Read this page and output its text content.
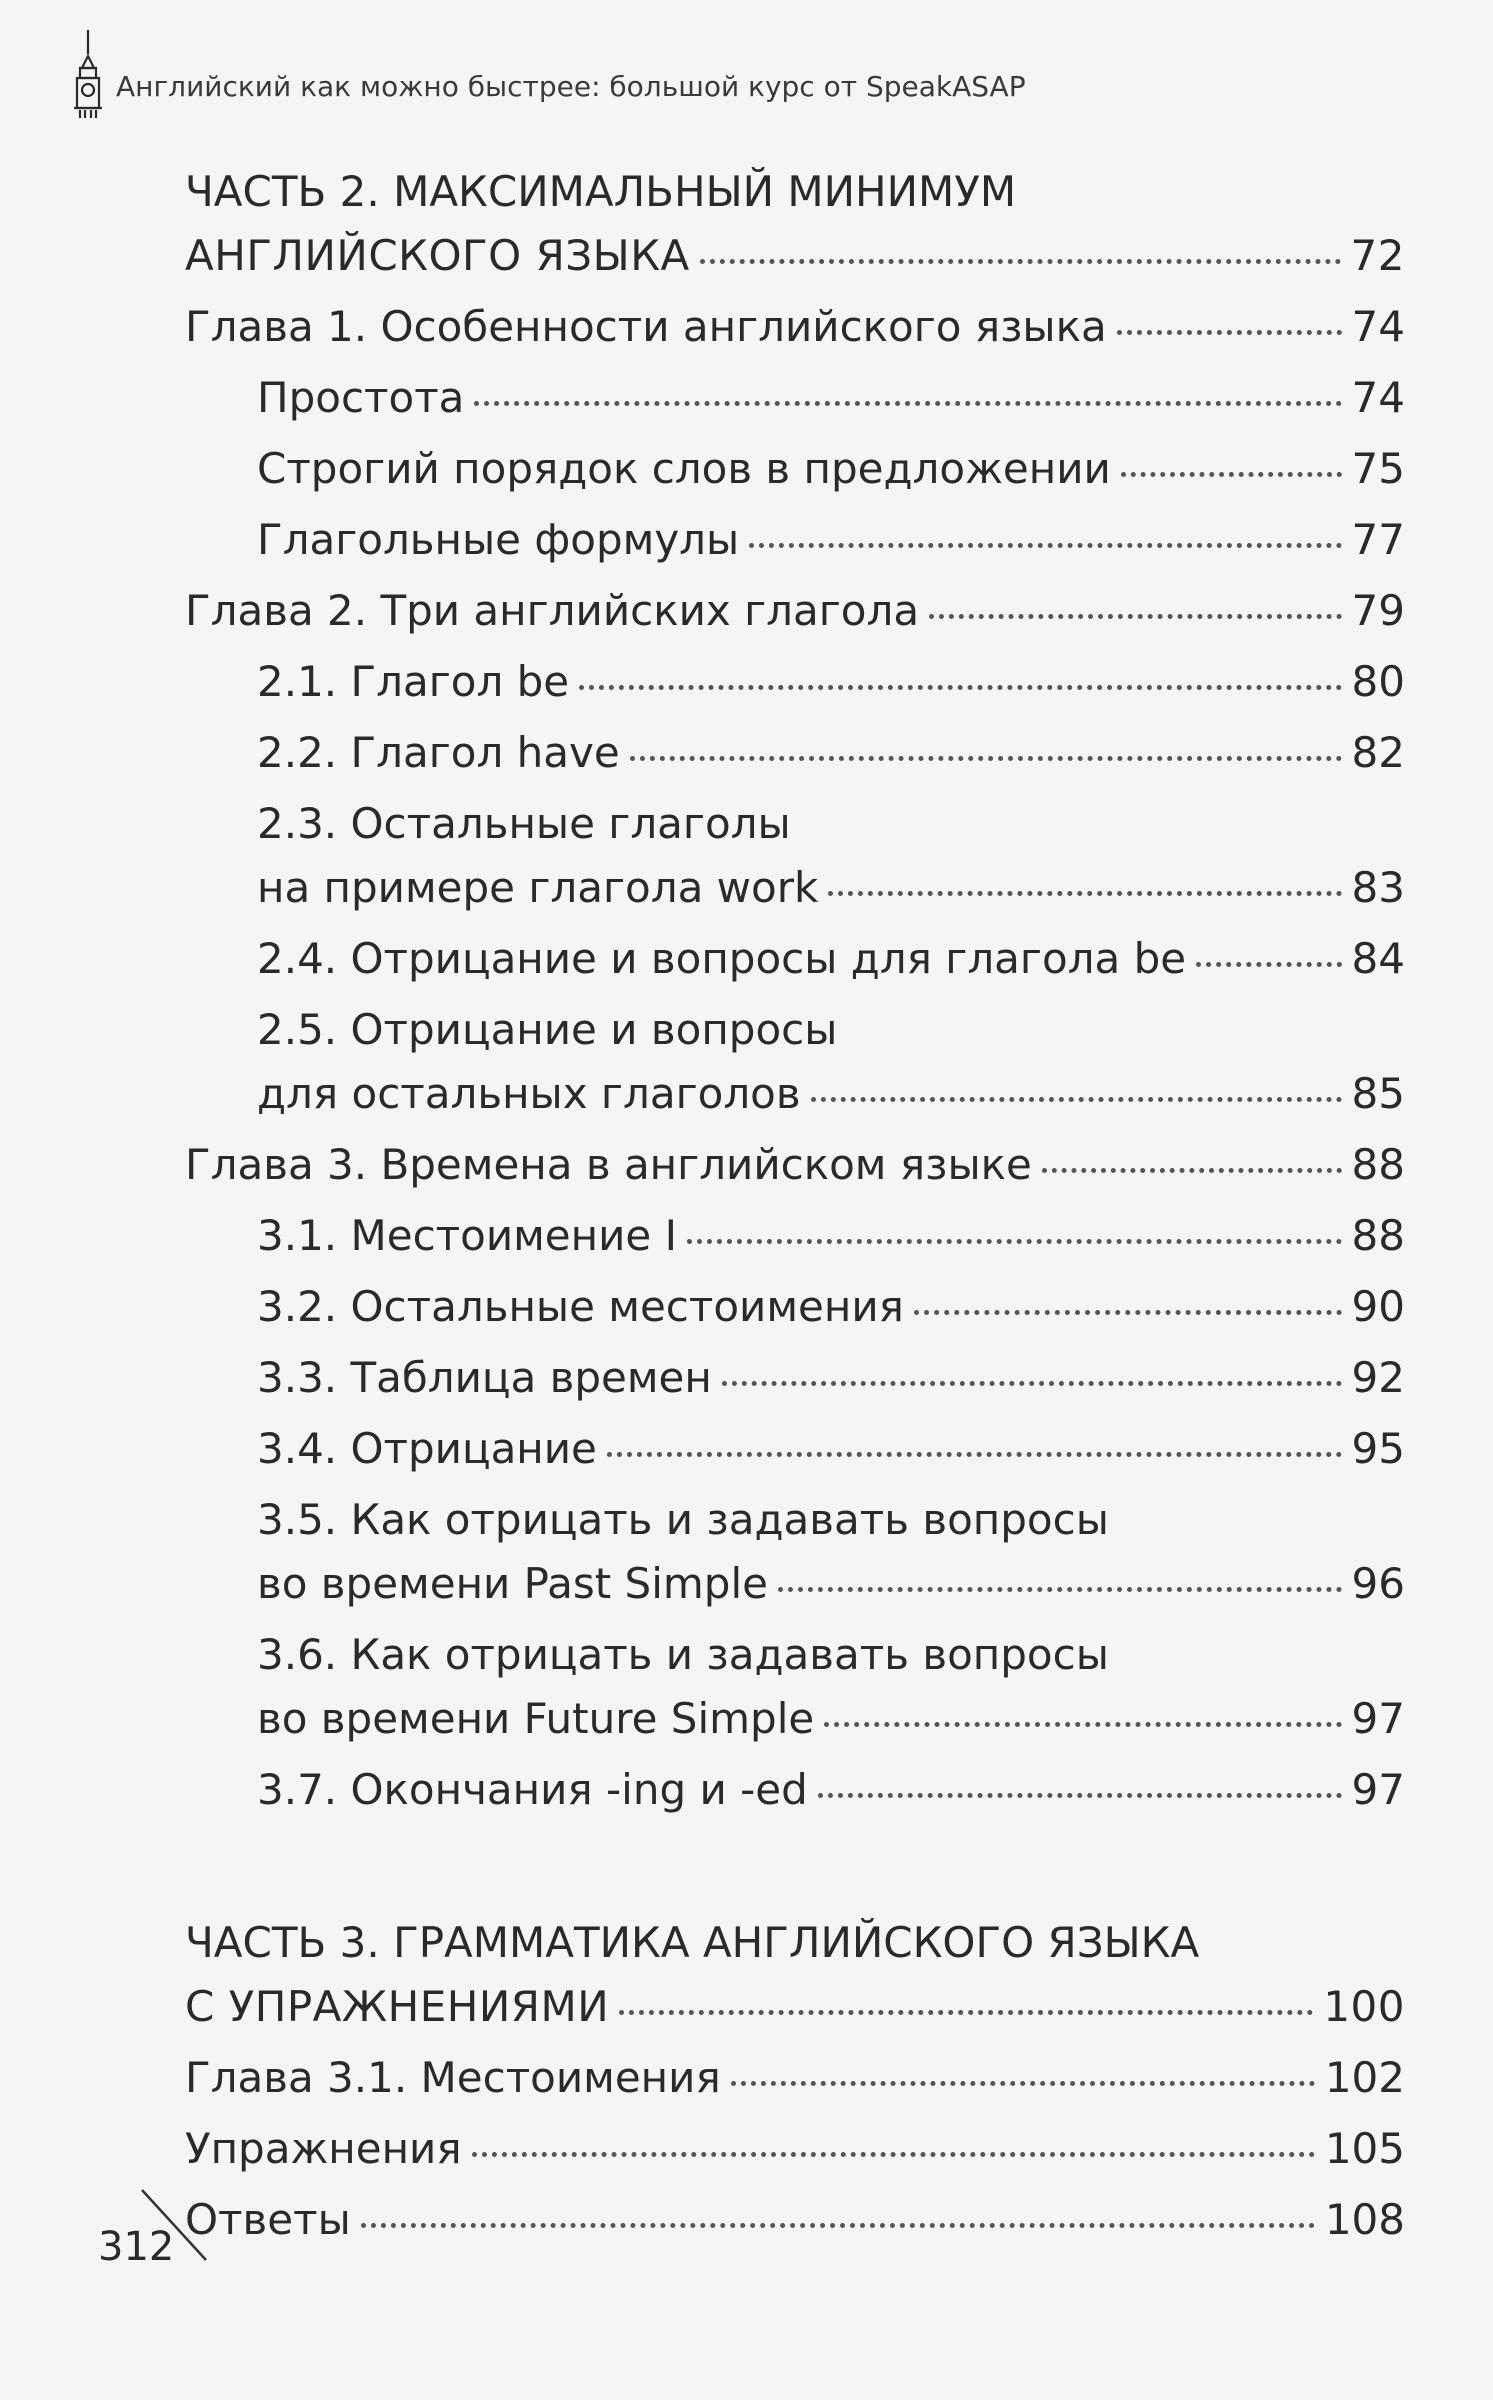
Английский как можно быстрее: большой курс от SpeakASAP
ЧАСТЬ 2. МАКСИМАЛЬНЫЙ МИНИМУМ
АНГЛИЙСКОГО ЯЗЫКА	72
Глава 1. Особенности английского языка	74
Простота	74
Строгий порядок слов в предложении	75
Глагольные формулы	77
Глава 2. Три английских глагола	79
2.1. Глагол be	80
2.2. Глагол have	82
2.3. Остальные глаголы
на примере глагола work	83
2.4. Отрицание и вопросы для глагола be	84
2.5. Отрицание и вопросы
для остальных глаголов	85
Глава 3. Времена в английском языке	88
3.1. Местоимение I	88
3.2. Остальные местоимения	90
3.3. Таблица времен	92
3.4. Отрицание	95
3.5. Как отрицать и задавать вопросы
во времени Past Simple	96
3.6. Как отрицать и задавать вопросы
во времени Future Simple	97
3.7. Окончания -ing и -ed	97
ЧАСТЬ 3. ГРАММАТИКА АНГЛИЙСКОГО ЯЗЫКА
С УПРАЖНЕНИЯМИ	100
Глава 3.1. Местоимения	102
Упражнения	105
Ответы	108
312
